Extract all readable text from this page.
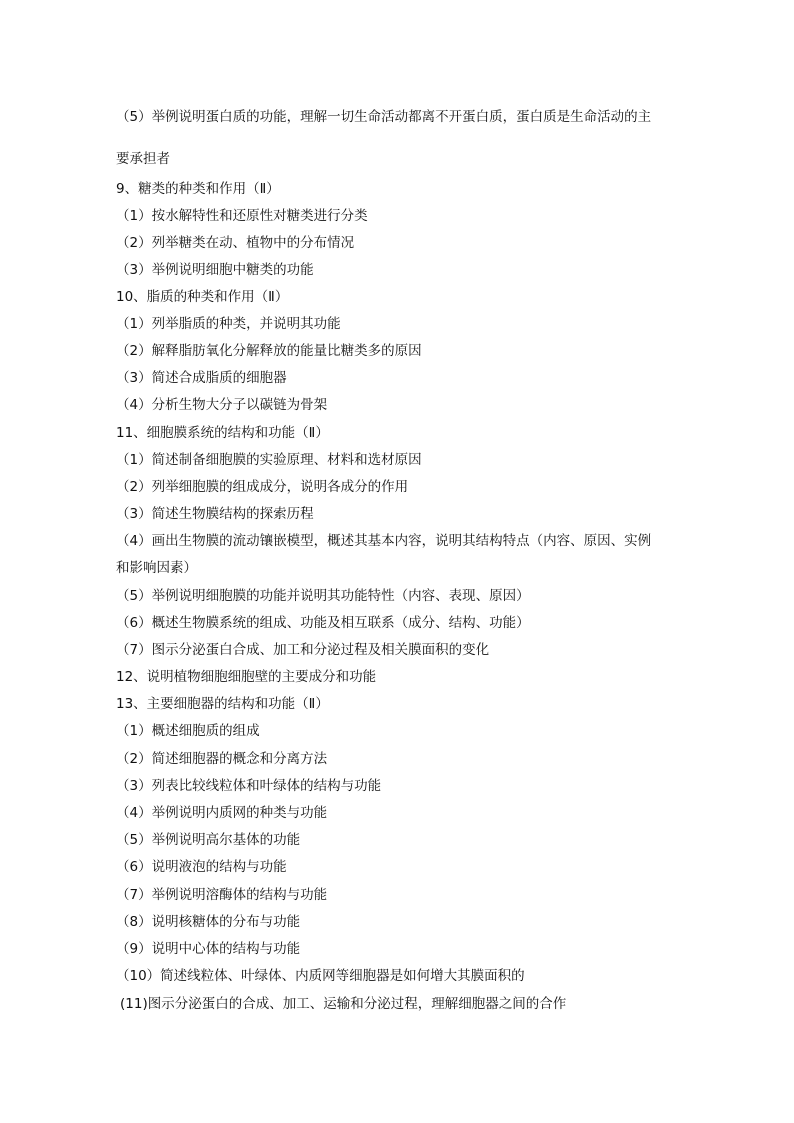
（5）举例说明蛋白质的功能，理解一切生命活动都离不开蛋白质，蛋白质是生命活动的主
要承担者
9、糖类的种类和作用（Ⅱ）
（1）按水解特性和还原性对糖类进行分类
（2）列举糖类在动、植物中的分布情况
（3）举例说明细胞中糖类的功能
10、脂质的种类和作用（Ⅱ）
（1）列举脂质的种类，并说明其功能
（2）解释脂肪氧化分解释放的能量比糖类多的原因
（3）简述合成脂质的细胞器
（4）分析生物大分子以碳链为骨架
11、细胞膜系统的结构和功能（Ⅱ）
（1）简述制备细胞膜的实验原理、材料和选材原因
（2）列举细胞膜的组成成分，说明各成分的作用
（3）简述生物膜结构的探索历程
（4）画出生物膜的流动镶嵌模型，概述其基本内容，说明其结构特点（内容、原因、实例
和影响因素）
（5）举例说明细胞膜的功能并说明其功能特性（内容、表现、原因）
（6）概述生物膜系统的组成、功能及相互联系（成分、结构、功能）
（7）图示分泌蛋白合成、加工和分泌过程及相关膜面积的变化
12、说明植物细胞细胞壁的主要成分和功能
13、主要细胞器的结构和功能（Ⅱ）
（1）概述细胞质的组成
（2）简述细胞器的概念和分离方法
（3）列表比较线粒体和叶绿体的结构与功能
（4）举例说明内质网的种类与功能
（5）举例说明高尔基体的功能
（6）说明液泡的结构与功能
（7）举例说明溶酶体的结构与功能
（8）说明核糖体的分布与功能
（9）说明中心体的结构与功能
（10）简述线粒体、叶绿体、内质网等细胞器是如何增大其膜面积的
(11)图示分泌蛋白的合成、加工、运输和分泌过程，理解细胞器之间的合作
